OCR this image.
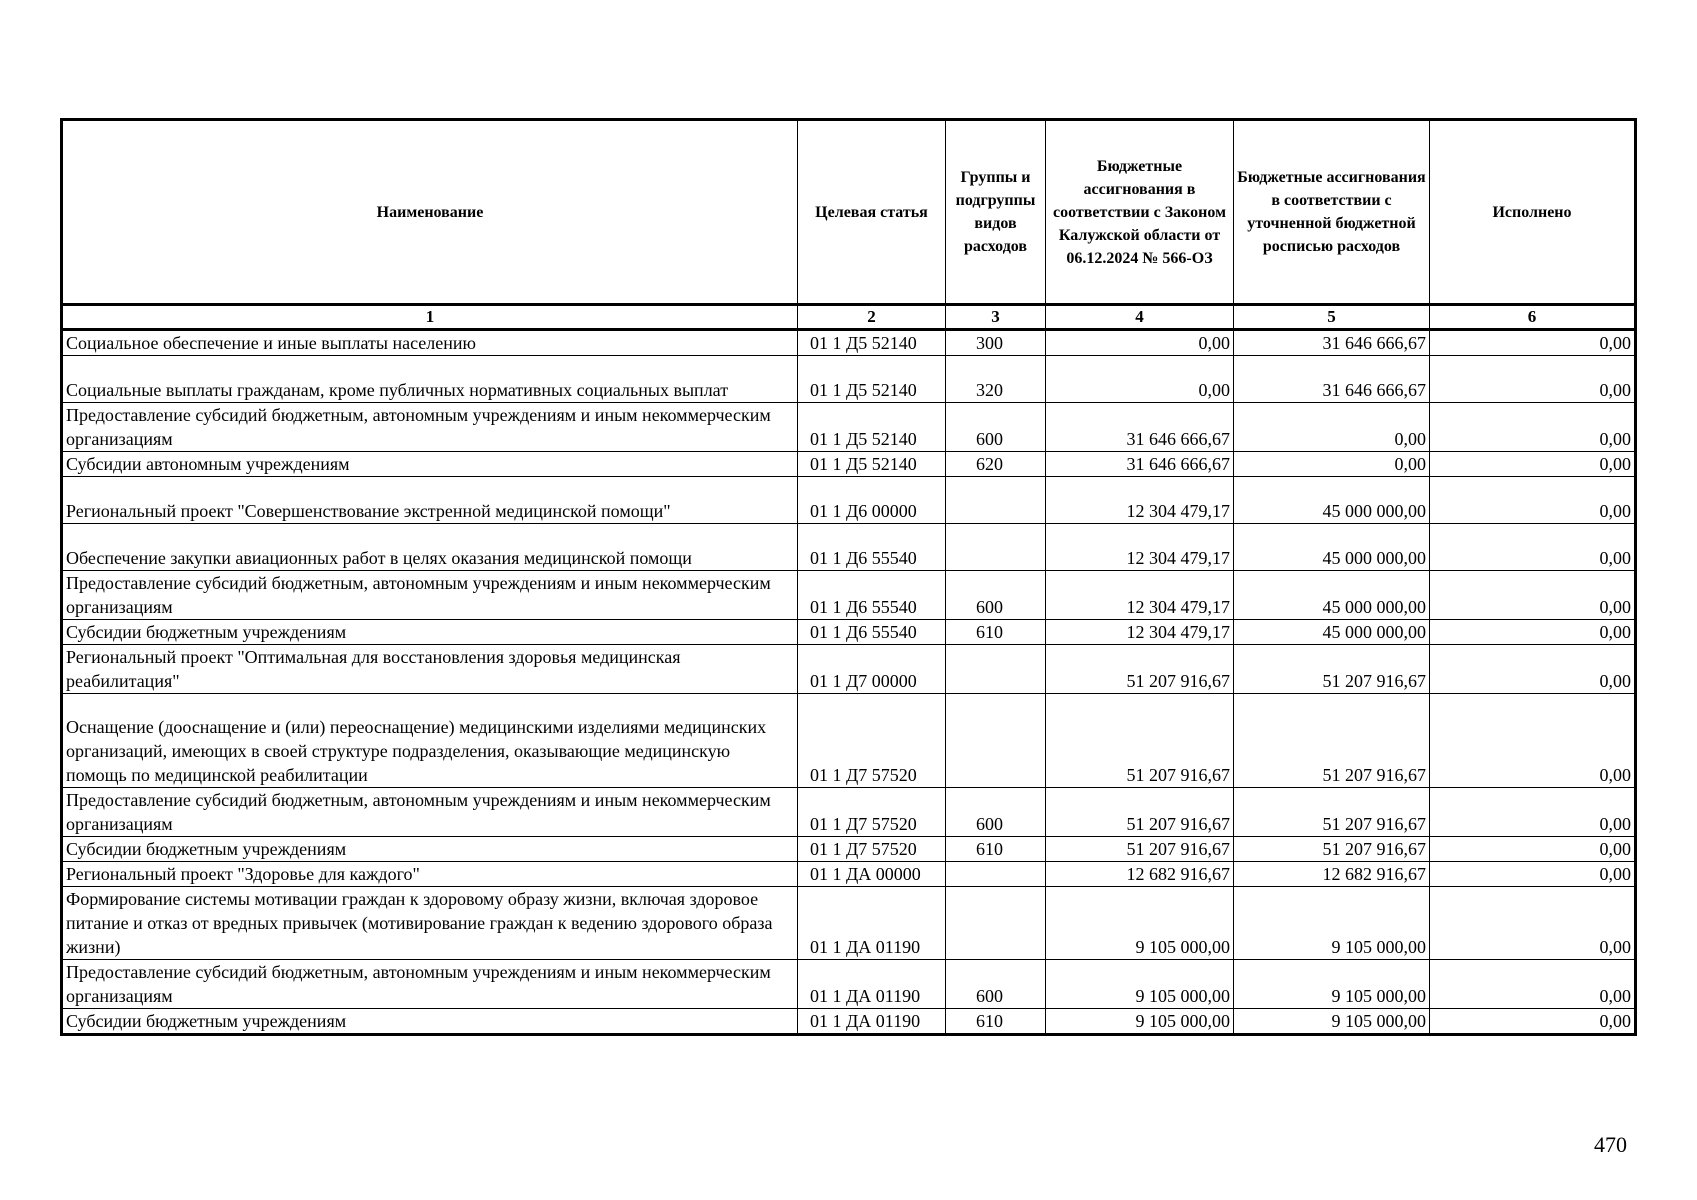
Наименование	Целевая статья	Группы и подгруппы видов расходов	Бюджетные ассигнования в соответствии с Законом Калужской области от 06.12.2024 № 566-ОЗ	Бюджетные ассигнования в соответствии с уточненной бюджетной росписью расходов	Исполнено
1	2	3	4	5	6
Социальное обеспечение и иные выплаты населению	01 1 Д5 52140	300	0,00	31 646 666,67	0,00
Социальные выплаты гражданам, кроме публичных нормативных социальных выплат	01 1 Д5 52140	320	0,00	31 646 666,67	0,00
Предоставление субсидий бюджетным, автономным учреждениям и иным некоммерческим организациям	01 1 Д5 52140	600	31 646 666,67	0,00	0,00
Субсидии автономным учреждениям	01 1 Д5 52140	620	31 646 666,67	0,00	0,00
Региональный проект "Совершенствование экстренной медицинской помощи"	01 1 Д6 00000		12 304 479,17	45 000 000,00	0,00
Обеспечение закупки авиационных работ в целях оказания медицинской помощи	01 1 Д6 55540		12 304 479,17	45 000 000,00	0,00
Предоставление субсидий бюджетным, автономным учреждениям и иным некоммерческим организациям	01 1 Д6 55540	600	12 304 479,17	45 000 000,00	0,00
Субсидии бюджетным учреждениям	01 1 Д6 55540	610	12 304 479,17	45 000 000,00	0,00
Региональный проект "Оптимальная для восстановления здоровья медицинская реабилитация"	01 1 Д7 00000		51 207 916,67	51 207 916,67	0,00
Оснащение (дооснащение и (или) переоснащение) медицинскими изделиями медицинских организаций, имеющих в своей структуре подразделения, оказывающие медицинскую помощь по медицинской реабилитации	01 1 Д7 57520		51 207 916,67	51 207 916,67	0,00
Предоставление субсидий бюджетным, автономным учреждениям и иным некоммерческим организациям	01 1 Д7 57520	600	51 207 916,67	51 207 916,67	0,00
Субсидии бюджетным учреждениям	01 1 Д7 57520	610	51 207 916,67	51 207 916,67	0,00
Региональный проект "Здоровье для каждого"	01 1 ДА 00000		12 682 916,67	12 682 916,67	0,00
Формирование системы мотивации граждан к здоровому образу жизни, включая здоровое питание и отказ от вредных привычек (мотивирование граждан к ведению здорового образа жизни)	01 1 ДА 01190		9 105 000,00	9 105 000,00	0,00
Предоставление субсидий бюджетным, автономным учреждениям и иным некоммерческим организациям	01 1 ДА 01190	600	9 105 000,00	9 105 000,00	0,00
Субсидии бюджетным учреждениям	01 1 ДА 01190	610	9 105 000,00	9 105 000,00	0,00
470
